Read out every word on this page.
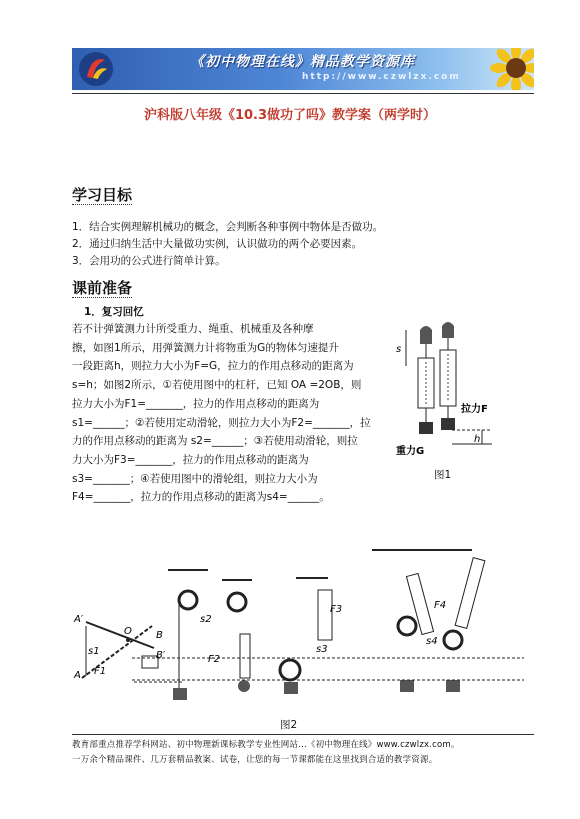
《初中物理在线》精品教学资源库
http://www.czwlzx.com
沪科版八年级《10.3做功了吗》教学案（两学时）
学习目标
1．结合实例理解机械功的概念，会判断各种事例中物体是否做功。
2．通过归纳生活中大量做功实例，认识做功的两个必要因素。
3．会用功的公式进行简单计算。
课前准备
1．复习回忆

若不计弹簧测力计所受重力、绳重、机械重及各种摩

擦，如图1所示，用弹簧测力计将物重为G的物体匀速提升

一段距离h，则拉力大小为F=G，拉力的作用点移动的距离为

s=h；如图2所示，①若使用图中的杠杆，已知 OA =2OB，则

拉力大小为F1=_______，拉力的作用点移动的距离为

s1=______；②若使用定动滑轮，则拉力大小为F2=_______，拉

力的作用点移动的距离为 s2=______；③若使用动滑轮，则拉

力大小为F3=_______，拉力的作用点移动的距离为

s3=_______；④若使用图中的滑轮组，则拉力大小为

F4=_______，拉力的作用点移动的距离为s4=______。

s
拉力F
h
重力G
图1
A′
O B
B′
A
s1
F1
s2
F2
F3
s3
F4
s4
图2
教育部重点推荐学科网站、初中物理新课标教学专业性网站…《初中物理在线》www.czwlzx.com。
一万余个精品课件、几万套精品教案、试卷，让您的每一节课都能在这里找到合适的教学资源。
